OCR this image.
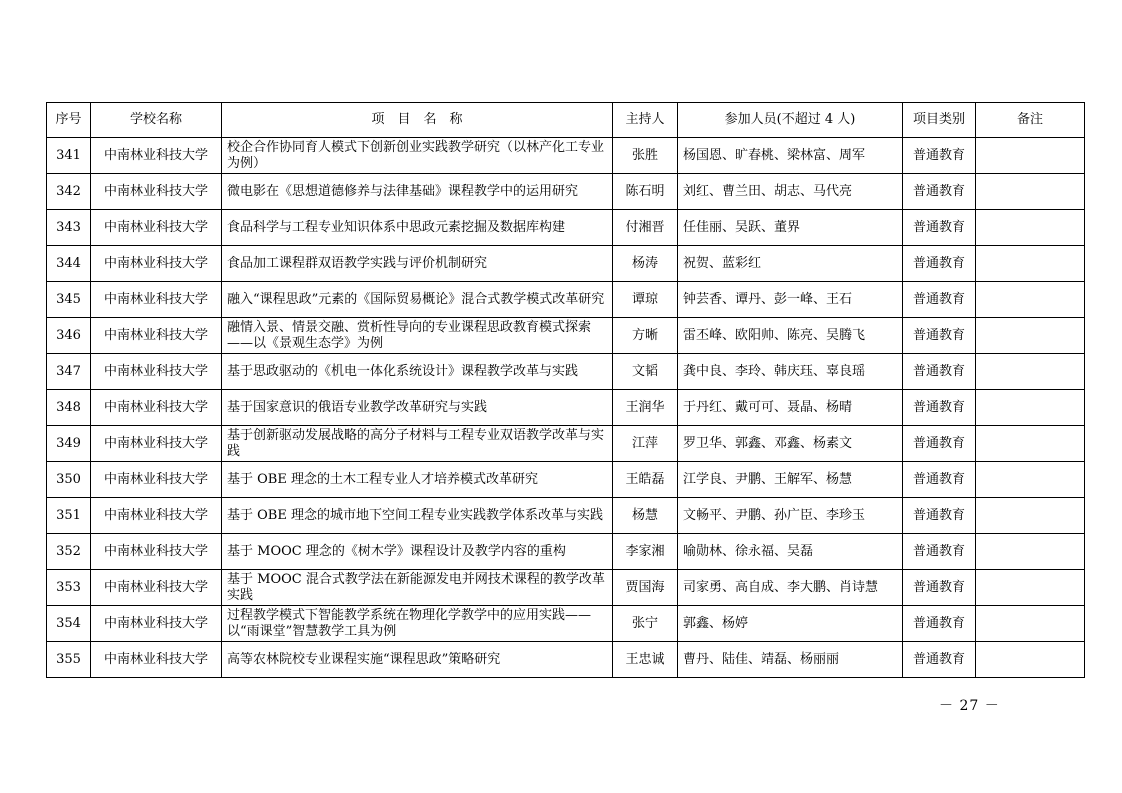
序号	学校名称	项　目　名　称	主持人	参加人员(不超过 4 人)	项目类别	备注
341	中南林业科技大学	校企合作协同育人模式下创新创业实践教学研究（以林产化工专业为例）	张胜	杨国恩、旷春桃、梁林富、周军	普通教育	
342	中南林业科技大学	微电影在《思想道德修养与法律基础》课程教学中的运用研究	陈石明	刘红、曹兰田、胡志、马代亮	普通教育	
343	中南林业科技大学	食品科学与工程专业知识体系中思政元素挖掘及数据库构建	付湘晋	任佳丽、吴跃、董界	普通教育	
344	中南林业科技大学	食品加工课程群双语教学实践与评价机制研究	杨涛	祝贺、蓝彩红	普通教育	
345	中南林业科技大学	融入“课程思政”元素的《国际贸易概论》混合式教学模式改革研究	谭琼	钟芸香、谭丹、彭一峰、王石	普通教育	
346	中南林业科技大学	融情入景、情景交融、赏析性导向的专业课程思政教育模式探索——以《景观生态学》为例	方晰	雷丕峰、欧阳帅、陈亮、吴腾飞	普通教育	
347	中南林业科技大学	基于思政驱动的《机电一体化系统设计》课程教学改革与实践	文韬	龚中良、李玲、韩庆珏、辜良瑶	普通教育	
348	中南林业科技大学	基于国家意识的俄语专业教学改革研究与实践	王润华	于丹红、戴可可、聂晶、杨晴	普通教育	
349	中南林业科技大学	基于创新驱动发展战略的高分子材料与工程专业双语教学改革与实践	江萍	罗卫华、郭鑫、邓鑫、杨素文	普通教育	
350	中南林业科技大学	基于 OBE 理念的土木工程专业人才培养模式改革研究	王皓磊	江学良、尹鹏、王解军、杨慧	普通教育	
351	中南林业科技大学	基于 OBE 理念的城市地下空间工程专业实践教学体系改革与实践	杨慧	文畅平、尹鹏、孙广臣、李珍玉	普通教育	
352	中南林业科技大学	基于 MOOC 理念的《树木学》课程设计及教学内容的重构	李家湘	喻勋林、徐永福、吴磊	普通教育	
353	中南林业科技大学	基于 MOOC 混合式教学法在新能源发电并网技术课程的教学改革实践	贾国海	司家勇、高自成、李大鹏、肖诗慧	普通教育	
354	中南林业科技大学	过程教学模式下智能教学系统在物理化学教学中的应用实践——以“雨课堂”智慧教学工具为例	张宁	郭鑫、杨婷	普通教育	
355	中南林业科技大学	高等农林院校专业课程实施“课程思政”策略研究	王忠诚	曹丹、陆佳、靖磊、杨丽丽	普通教育	
－ 27 －
